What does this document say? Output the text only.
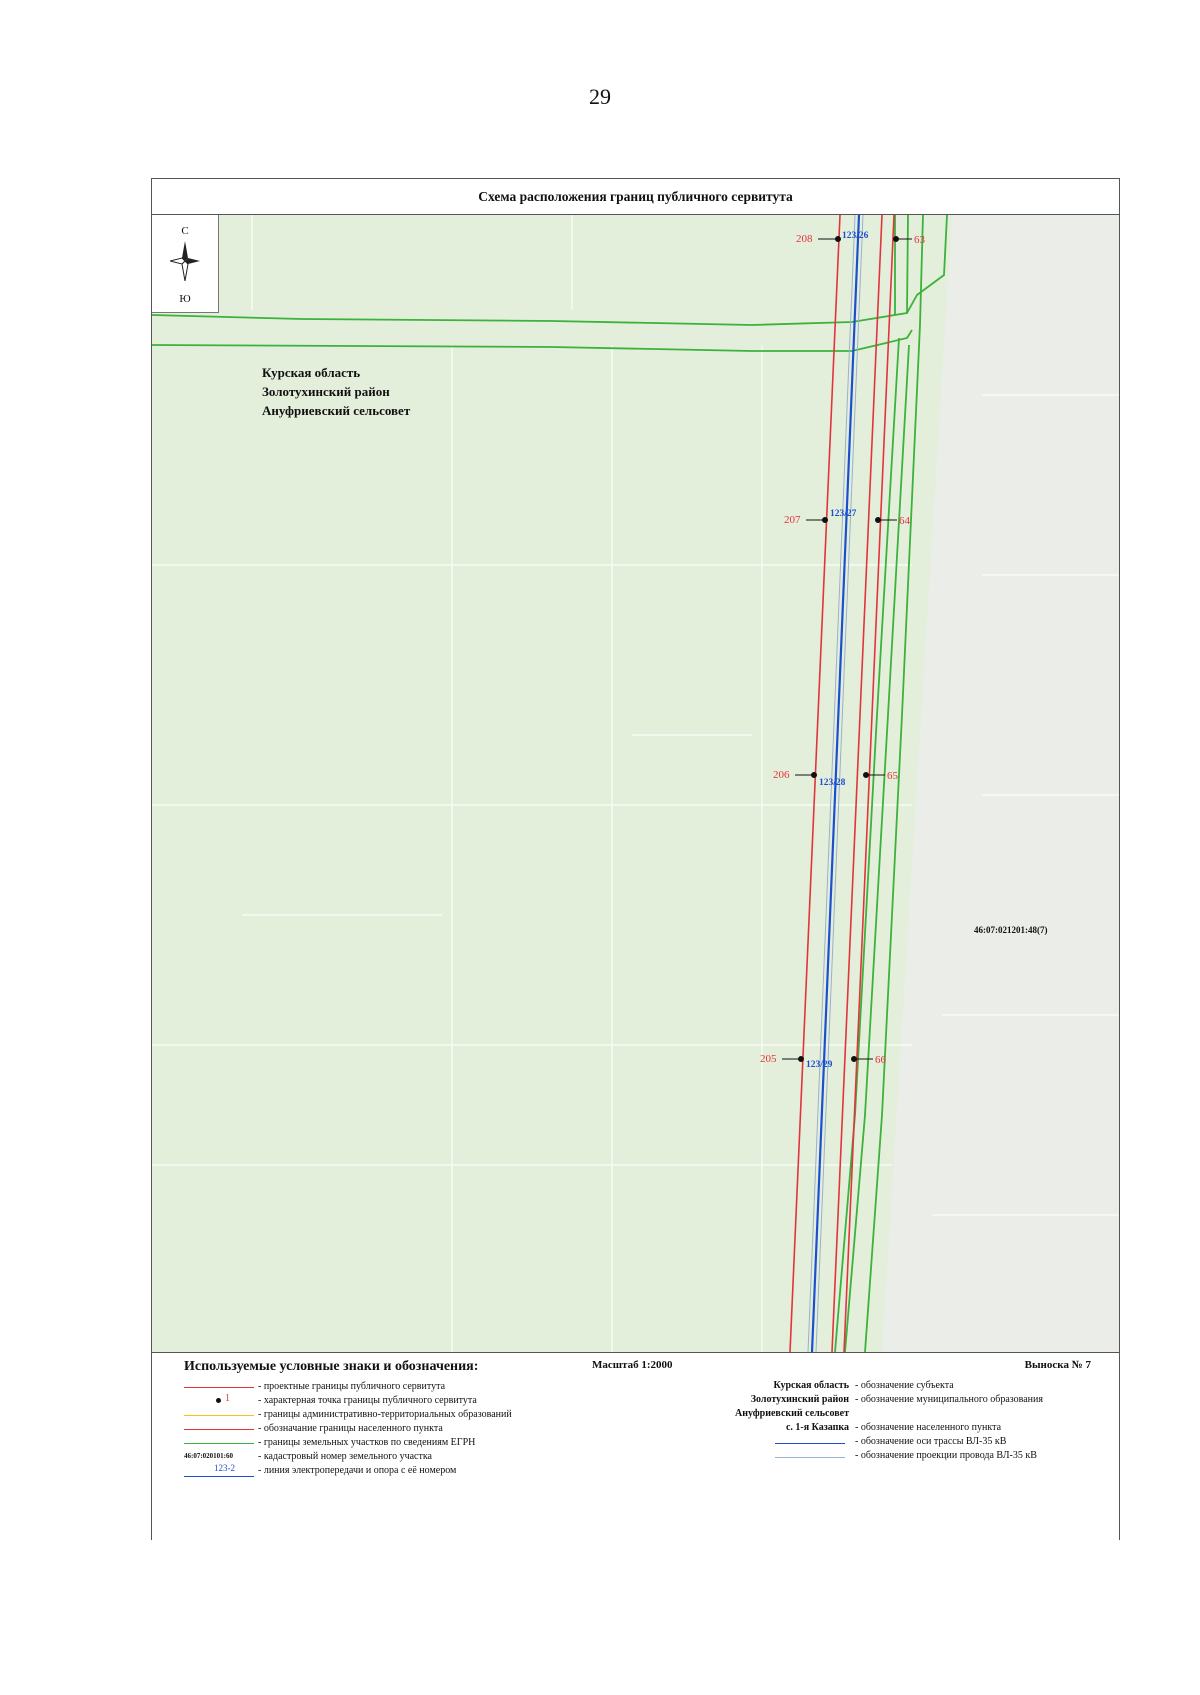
29
Схема расположения границ публичного сервитута
С
Ю
Курская область
Золотухинский район
Ануфриевский сельсовет
208	63
207	64
206	65
205	66
123/26
123/27
123/28
123/29
46:07:021201:48(7)
Используемые условные знаки и обозначения:	Масштаб 1:2000	Выноска № 7
- проектные границы публичного сервитута
1	- характерная точка границы публичного сервитута
- границы административно-территориальных образований
- обозначание границы населенного пункта
- границы земельных участков по сведениям ЕГРН
46:07:020101:60	- кадастровый номер земельного участка
123-2 - линия электропередачи и опора с её номером
Курская область - обозначение субъекта
Золотухинский район - обозначение муниципального образования
Ануфриевский сельсовет
с. 1-я Казапка - обозначение населенного пункта
- обозначение оси трассы ВЛ-35 кВ
- обозначение проекции провода ВЛ-35 кВ
